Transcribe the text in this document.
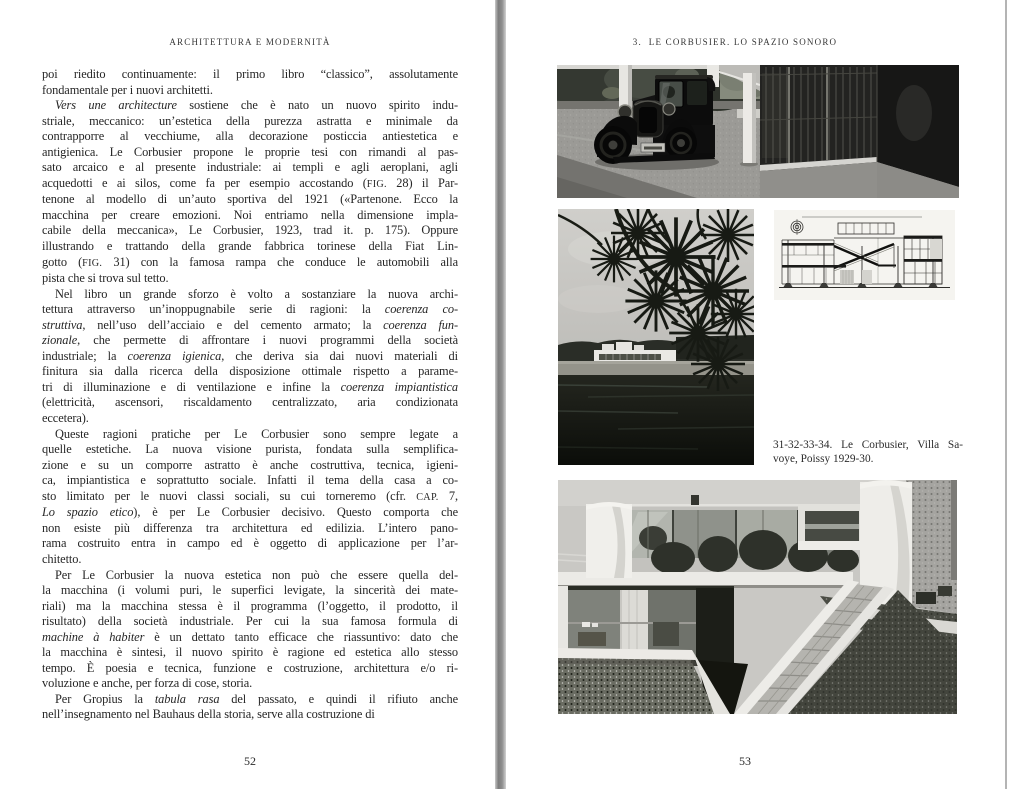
ARCHITETTURA E MODERNITÀ
poi riedito continuamente: il primo libro “classico”, assolutamente
fondamentale per i nuovi architetti.
Vers une architecture sostiene che è nato un nuovo spirito indu-
striale, meccanico: un’estetica della purezza astratta e minimale da
contrapporre al vecchiume, alla decorazione posticcia antiestetica e
antigienica. Le Corbusier propone le proprie tesi con rimandi al pas-
sato arcaico e al presente industriale: ai templi e agli aeroplani, agli
acquedotti e ai silos, come fa per esempio accostando (FIG. 28) il Par-
tenone al modello di un’auto sportiva del 1921 («Partenone. Ecco la
macchina per creare emozioni. Noi entriamo nella dimensione impla-
cabile della meccanica», Le Corbusier, 1923, trad it. p. 175). Oppure
illustrando e trattando della grande fabbrica torinese della Fiat Lin-
gotto (FIG. 31) con la famosa rampa che conduce le automobili alla
pista che si trova sul tetto.
Nel libro un grande sforzo è volto a sostanziare la nuova archi-
tettura attraverso un’inoppugnabile serie di ragioni: la coerenza co-
struttiva, nell’uso dell’acciaio e del cemento armato; la coerenza fun-
zionale, che permette di affrontare i nuovi programmi della società
industriale; la coerenza igienica, che deriva sia dai nuovi materiali di
finitura sia dalla ricerca della disposizione ottimale rispetto a parame-
tri di illuminazione e di ventilazione e infine la coerenza impiantistica
(elettricità, ascensori, riscaldamento centralizzato, aria condizionata
eccetera).
Queste ragioni pratiche per Le Corbusier sono sempre legate a
quelle estetiche. La nuova visione purista, fondata sulla semplifica-
zione e su un comporre astratto è anche costruttiva, tecnica, igieni-
ca, impiantistica e soprattutto sociale. Infatti il tema della casa a co-
sto limitato per le nuovi classi sociali, su cui torneremo (cfr. CAP. 7,
Lo spazio etico), è per Le Corbusier decisivo. Questo comporta che
non esiste più differenza tra architettura ed edilizia. L’intero pano-
rama costruito entra in campo ed è oggetto di applicazione per l’ar-
chitetto.
Per Le Corbusier la nuova estetica non può che essere quella del-
la macchina (i volumi puri, le superfici levigate, la sincerità dei mate-
riali) ma la macchina stessa è il programma (l’oggetto, il prodotto, il
risultato) della società industriale. Per cui la sua famosa formula di
machine à habiter è un dettato tanto efficace che riassuntivo: dato che
la macchina è sintesi, il nuovo spirito è ragione ed estetica allo stesso
tempo. È poesia e tecnica, funzione e costruzione, architettura e/o ri-
voluzione e anche, per forza di cose, storia.
Per Gropius la tabula rasa del passato, e quindi il rifiuto anche
nell’insegnamento nel Bauhaus della storia, serve alla costruzione di
52
3.  LE CORBUSIER. LO SPAZIO SONORO
31-32-33-34. Le Corbusier, Villa Sa-
voye, Poissy 1929-30.
53
